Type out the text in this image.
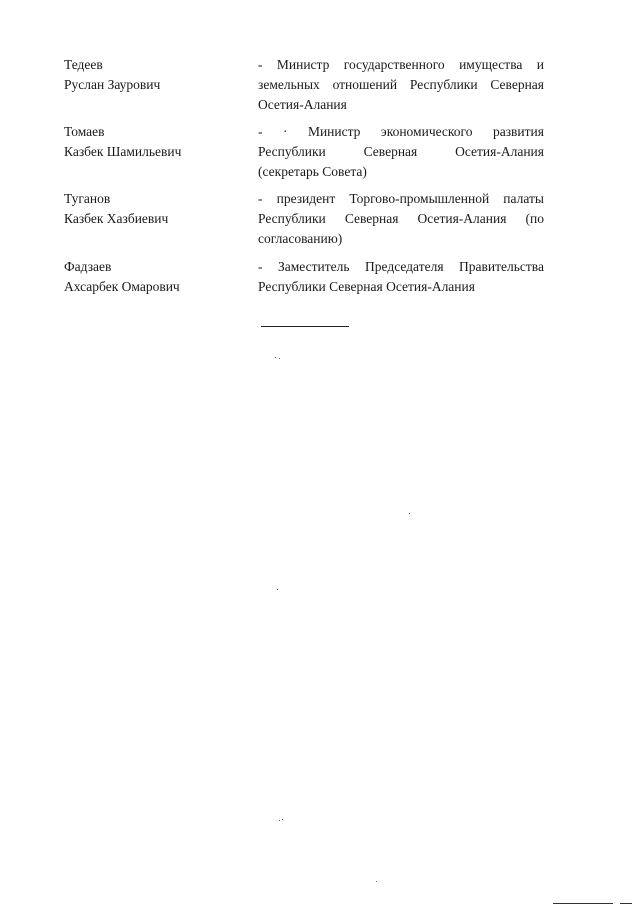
Тедеев
Руслан Заурович
- Министр государственного имущества и
земельных отношений Республики Северная
Осетия-Алания
Томаев
Казбек Шамильевич
- · Министр экономического развития
Республики Северная Осетия-Алания
(секретарь Совета)
Туганов
Казбек Хазбиевич
- президент Торгово-промышленной палаты
Республики Северная Осетия-Алания (по
согласованию)
Фадзаев
Ахсарбек Омарович
- Заместитель Председателя Правительства
Республики Северная Осетия-Алания
